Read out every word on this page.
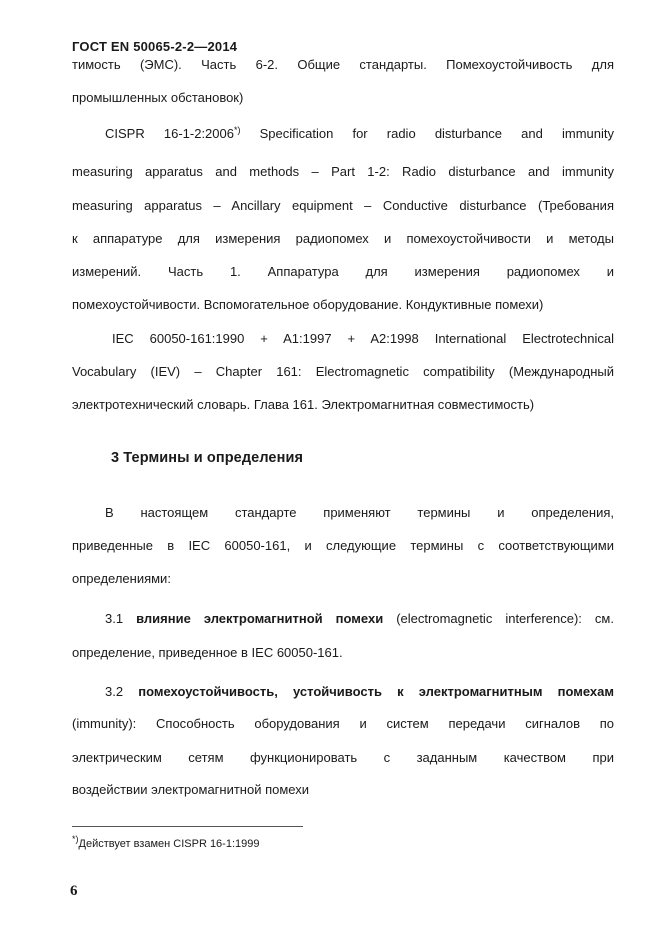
ГОСТ EN 50065-2-2—2014
тимость (ЭМС). Часть 6-2. Общие стандарты. Помехоустойчивость для
промышленных обстановок)
CISPR 16-1-2:2006*) Specification for radio disturbance and immunity
measuring apparatus and methods – Part 1-2: Radio disturbance and immunity
measuring apparatus – Ancillary equipment – Conductive disturbance (Требования
к аппаратуре для измерения радиопомех и помехоустойчивости и методы
измерений. Часть 1. Аппаратура для измерения радиопомех и
помехоустойчивости. Вспомогательное оборудование. Кондуктивные помехи)
IEC 60050-161:1990 + A1:1997 + A2:1998 International Electrotechnical
Vocabulary (IEV) – Chapter 161: Electromagnetic compatibility (Международный
электротехнический словарь. Глава 161. Электромагнитная совместимость)
3 Термины и определения
В настоящем стандарте применяют термины и определения,
приведенные в IEC 60050-161, и следующие термины с соответствующими
определениями:
3.1 влияние электромагнитной помехи (electromagnetic interference): см.
определение, приведенное в IEC 60050-161.
3.2 помехоустойчивость, устойчивость к электромагнитным помехам
(immunity): Способность оборудования и систем передачи сигналов по
электрическим сетям функционировать с заданным качеством при
воздействии электромагнитной помехи
*)Действует взамен CISPR 16-1:1999
6
